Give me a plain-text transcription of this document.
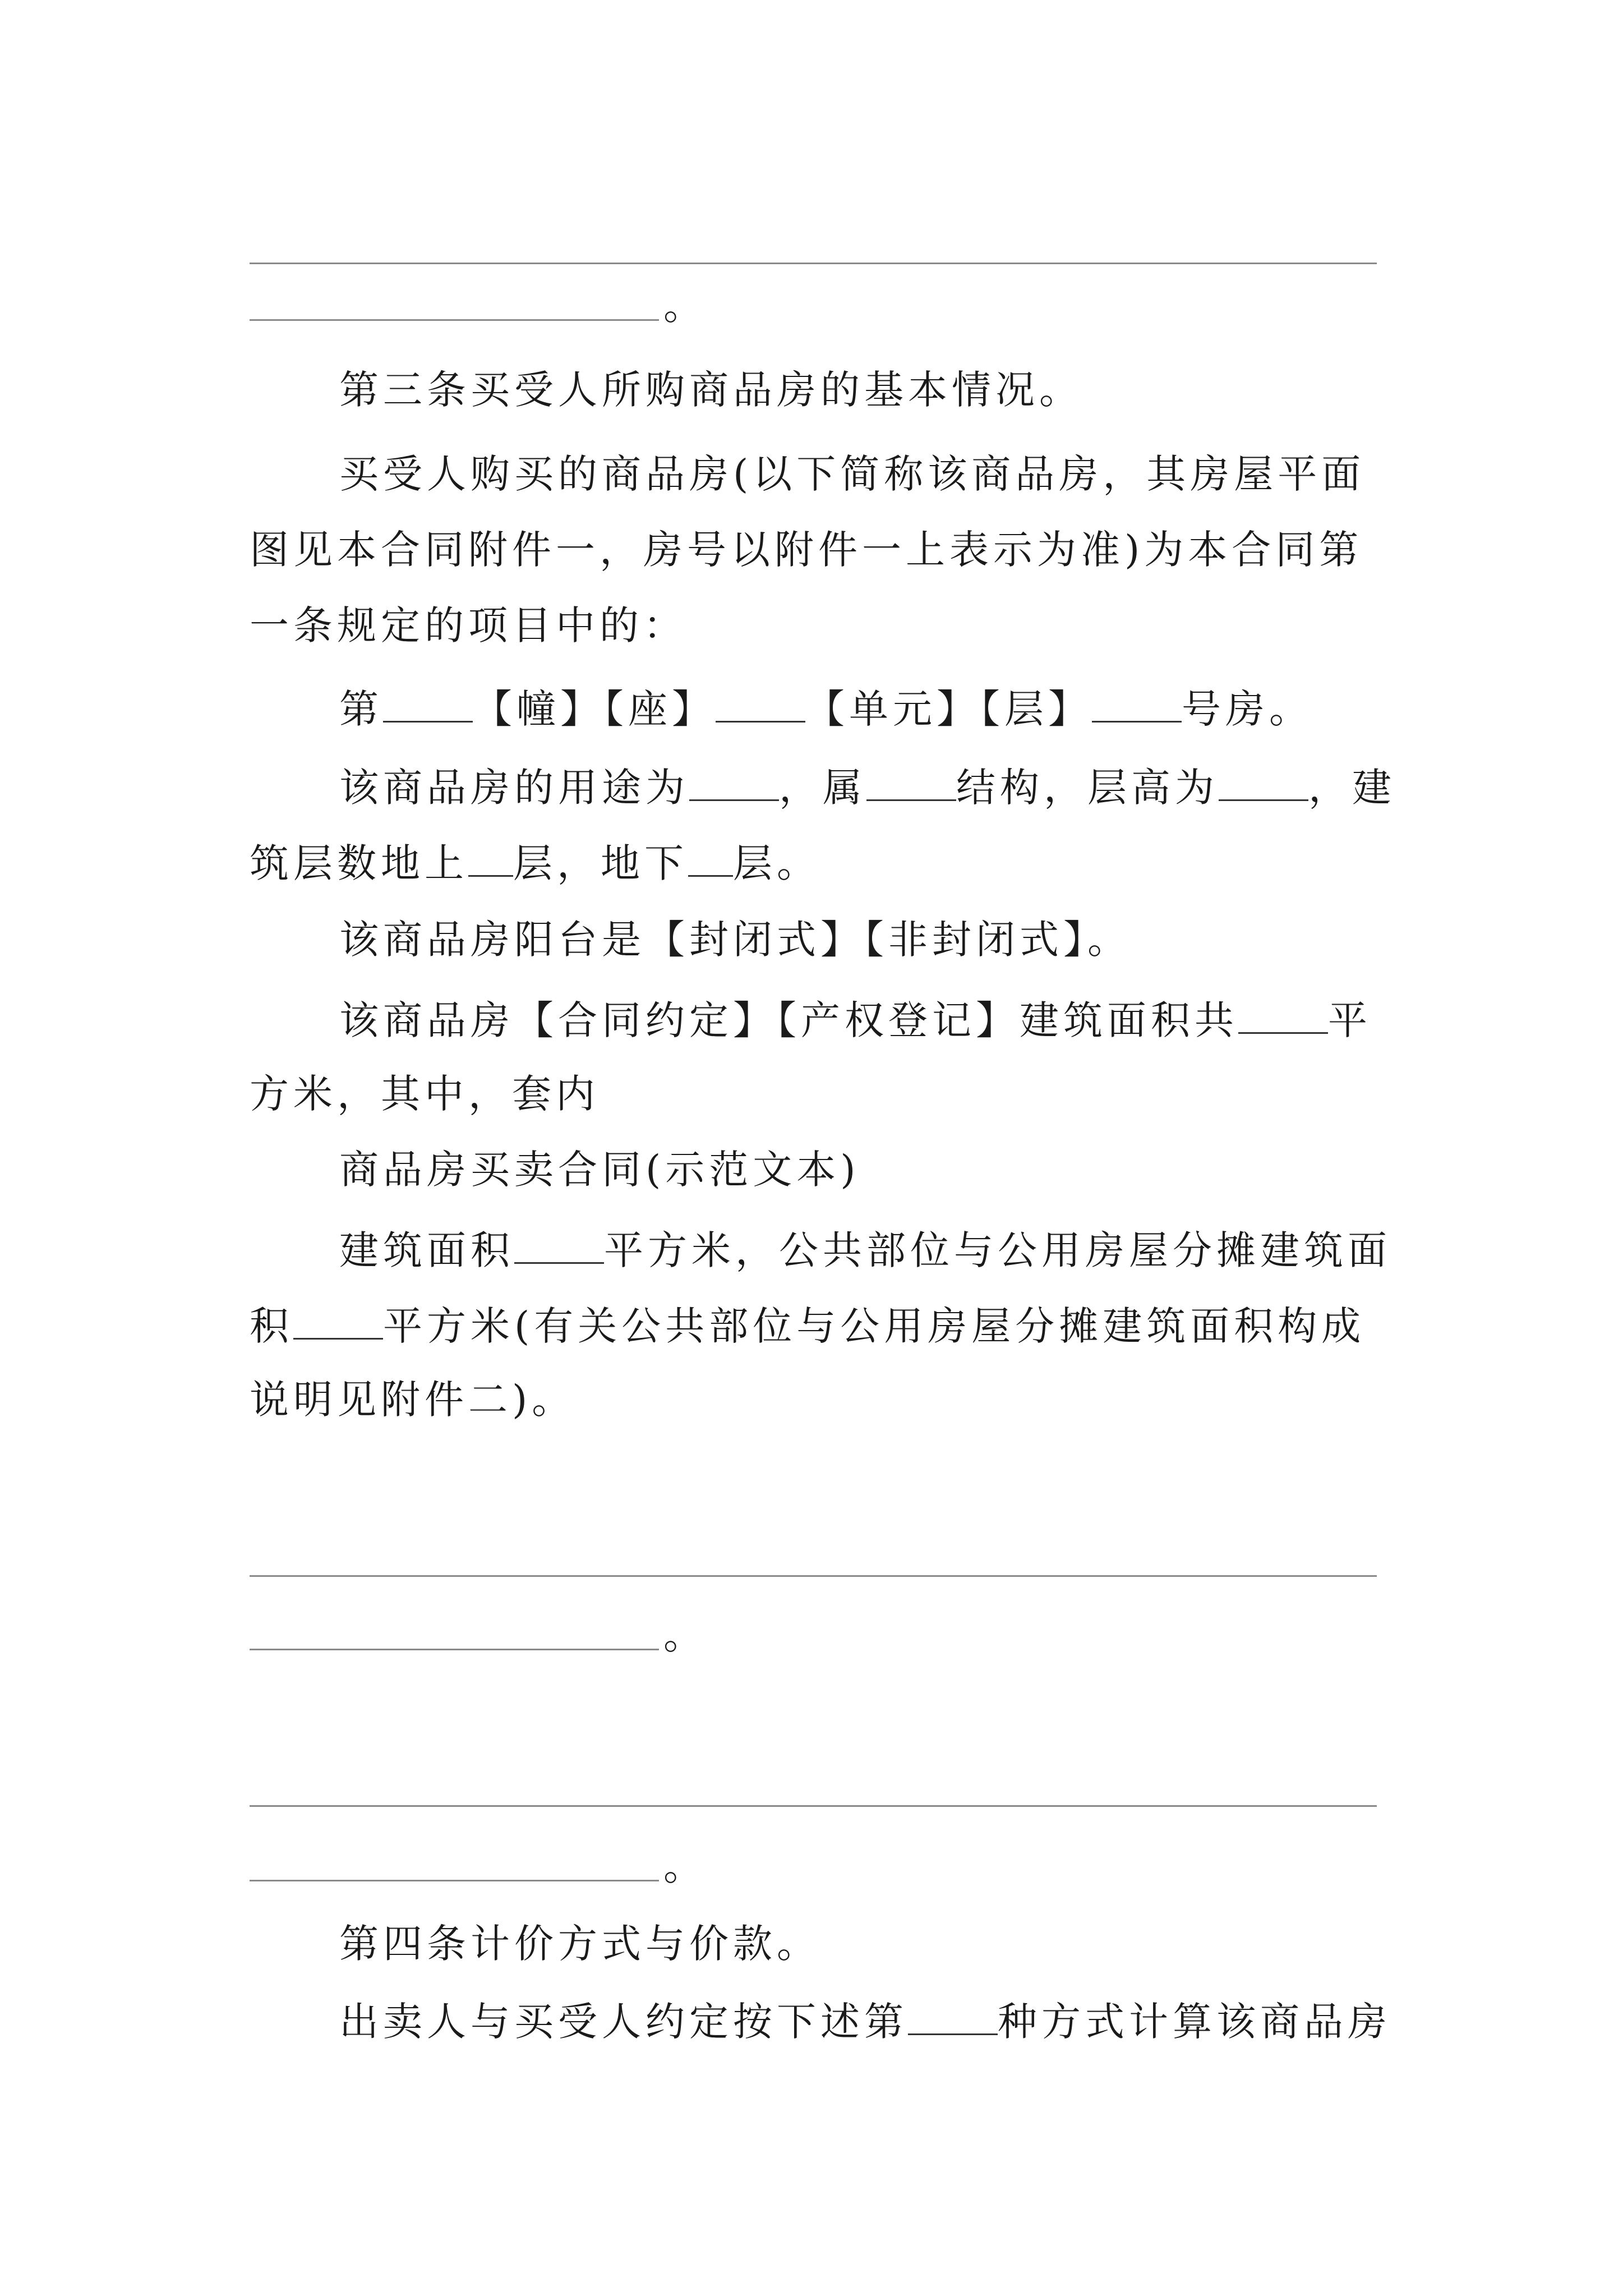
。
第三条买受人所购商品房的基本情况。
买受人购买的商品房(以下简称该商品房，其房屋平面
图见本合同附件一，房号以附件一上表示为准)为本合同第
一条规定的项目中的：
第 【幢】【座】 【单元】【层】 号房。
该商品房的用途为 ，属 结构，层高为 ，建
筑层数地上 层，地下 层。
该商品房阳台是【封闭式】【非封闭式】。
该商品房【合同约定】【产权登记】建筑面积共 平
方米，其中，套内
商品房买卖合同(示范文本)
建筑面积 平方米，公共部位与公用房屋分摊建筑面
积 平方米(有关公共部位与公用房屋分摊建筑面积构成
说明见附件二)。
。
。
第四条计价方式与价款。
出卖人与买受人约定按下述第 种方式计算该商品房
